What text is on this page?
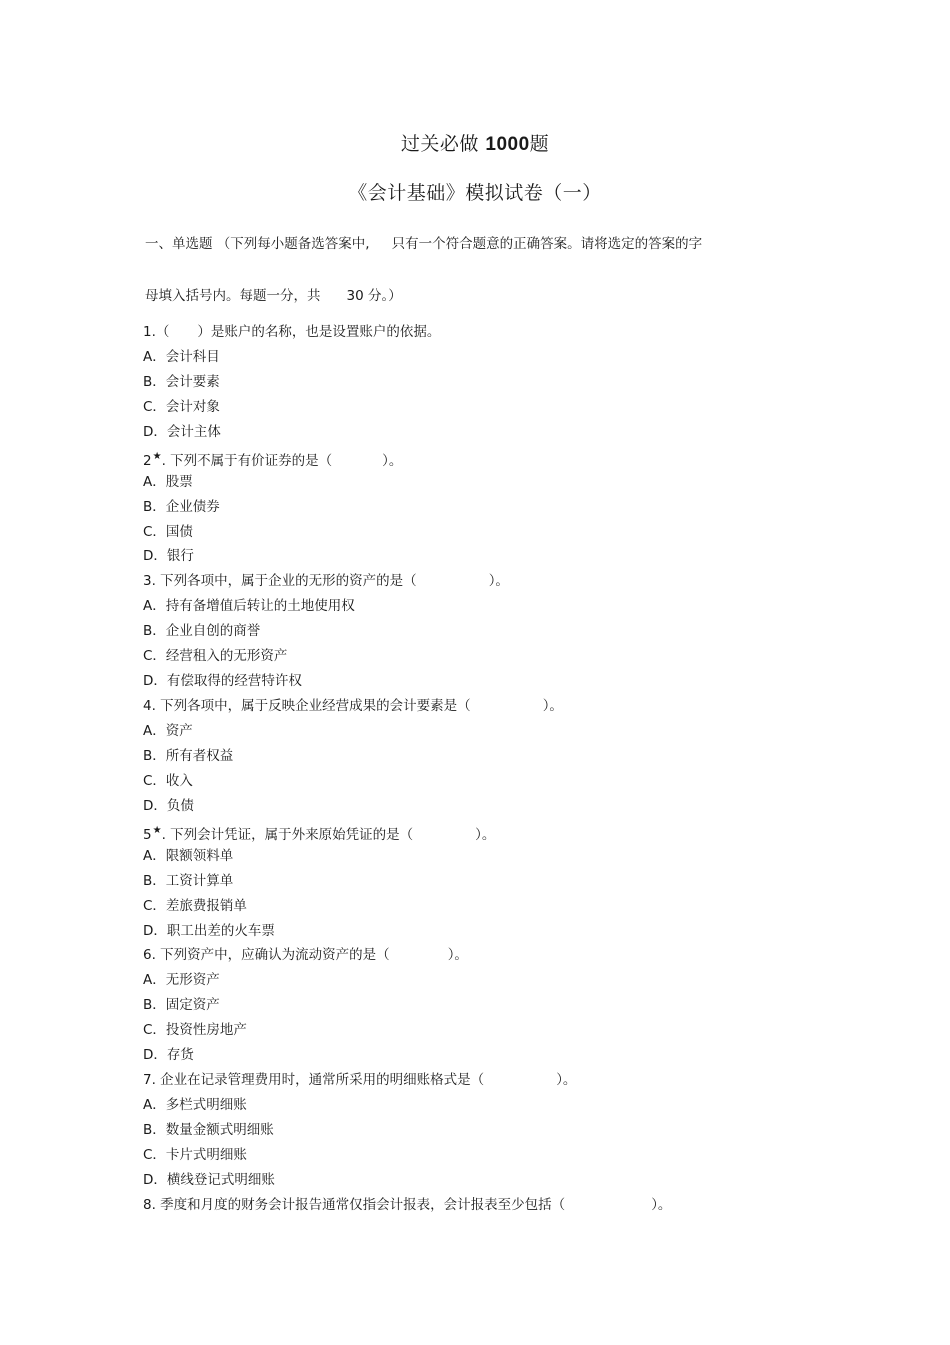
过关必做 1000题
《会计基础》模拟试卷（一）
一、单选题 （下列每小题备选答案中, 只有一个符合题意的正确答案。请将选定的答案的字
母填入括号内。每题一分，共 30 分。）
1.（ ）是账户的名称，也是设置账户的依据。
A．会计科目
B．会计要素
C．会计对象
D．会计主体
2★. 下列不属于有价证券的是（	）。
A．股票
B．企业债券
C．国债
D．银行
3. 下列各项中，属于企业的无形的资产的是（	）。
A．持有备增值后转让的土地使用权
B．企业自创的商誉
C．经营租入的无形资产
D．有偿取得的经营特许权
4. 下列各项中，属于反映企业经营成果的会计要素是（	）。
A．资产
B．所有者权益
C．收入
D．负债
5★. 下列会计凭证，属于外来原始凭证的是（	）。
A．限额领料单
B．工资计算单
C．差旅费报销单
D．职工出差的火车票
6. 下列资产中，应确认为流动资产的是（	）。
A．无形资产
B．固定资产
C．投资性房地产
D．存货
7. 企业在记录管理费用时，通常所采用的明细账格式是（	）。
A．多栏式明细账
B．数量金额式明细账
C．卡片式明细账
D．横线登记式明细账
8. 季度和月度的财务会计报告通常仅指会计报表，会计报表至少包括（	）。
